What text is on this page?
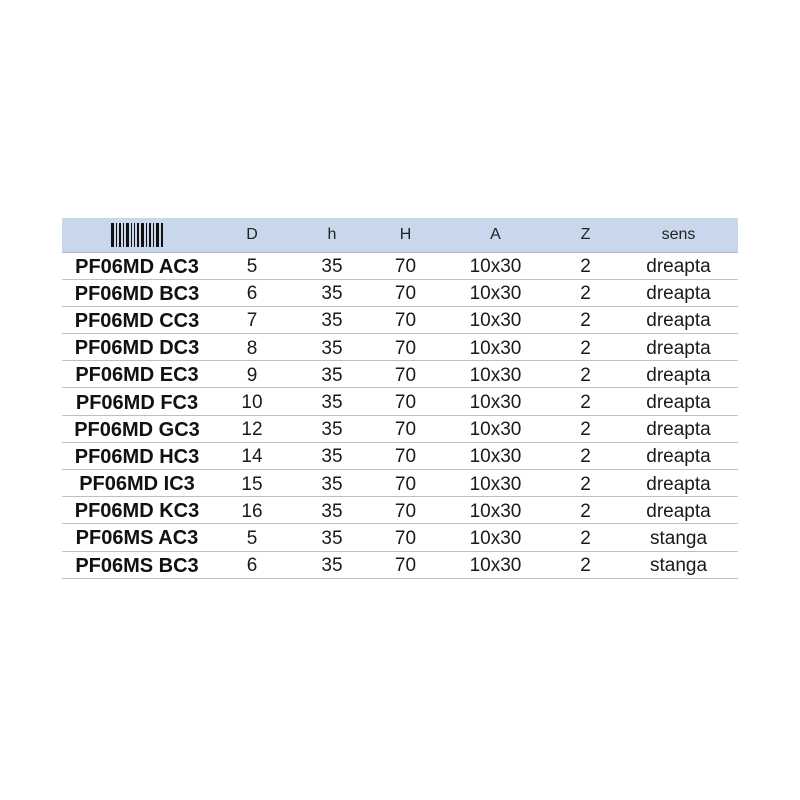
	D	h	H	A	Z	sens
PF06MD AC3	5	35	70	10x30	2	dreapta
PF06MD BC3	6	35	70	10x30	2	dreapta
PF06MD CC3	7	35	70	10x30	2	dreapta
PF06MD DC3	8	35	70	10x30	2	dreapta
PF06MD EC3	9	35	70	10x30	2	dreapta
PF06MD FC3	10	35	70	10x30	2	dreapta
PF06MD GC3	12	35	70	10x30	2	dreapta
PF06MD HC3	14	35	70	10x30	2	dreapta
PF06MD IC3	15	35	70	10x30	2	dreapta
PF06MD KC3	16	35	70	10x30	2	dreapta
PF06MS AC3	5	35	70	10x30	2	stanga
PF06MS BC3	6	35	70	10x30	2	stanga
